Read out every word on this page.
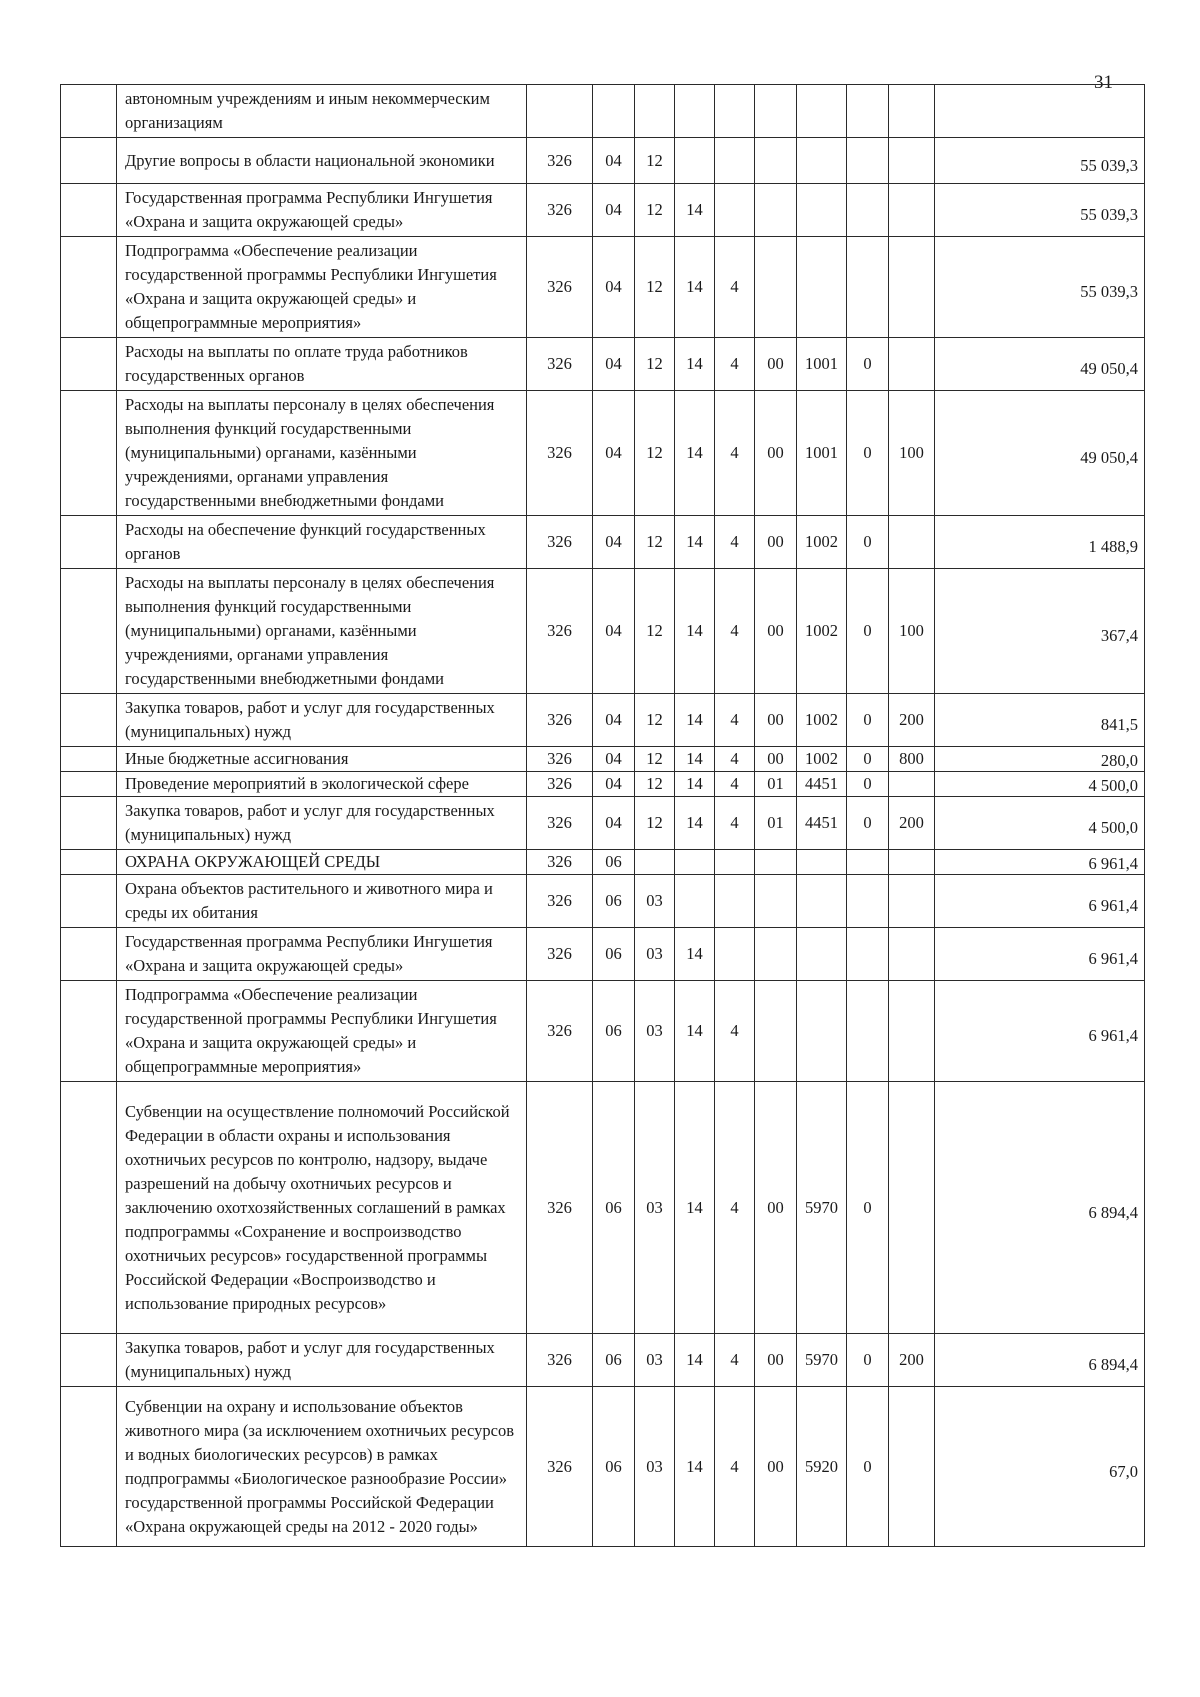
31
	автономным учреждениям и иным некоммерческим организациям										
	Другие вопросы в области национальной экономики	326	04	12							55 039,3
	Государственная программа Республики Ингушетия «Охрана и защита окружающей среды»	326	04	12	14						55 039,3
	Подпрограмма «Обеспечение реализации государственной программы Республики Ингушетия «Охрана и защита окружающей среды» и общепрограммные мероприятия»	326	04	12	14	4					55 039,3
	Расходы на выплаты по оплате труда работников государственных органов	326	04	12	14	4	00	1001	0		49 050,4
	Расходы на выплаты персоналу в целях обеспечения выполнения функций государственными (муниципальными) органами, казёнными учреждениями, органами управления государственными внебюджетными фондами	326	04	12	14	4	00	1001	0	100	49 050,4
	Расходы на обеспечение функций государственных органов	326	04	12	14	4	00	1002	0		1 488,9
	Расходы на выплаты персоналу в целях обеспечения выполнения функций государственными (муниципальными) органами, казёнными учреждениями, органами управления государственными внебюджетными фондами	326	04	12	14	4	00	1002	0	100	367,4
	Закупка товаров, работ и услуг для государственных (муниципальных) нужд	326	04	12	14	4	00	1002	0	200	841,5
	Иные бюджетные ассигнования	326	04	12	14	4	00	1002	0	800	280,0
	Проведение мероприятий в экологической сфере	326	04	12	14	4	01	4451	0		4 500,0
	Закупка товаров, работ и услуг для государственных (муниципальных) нужд	326	04	12	14	4	01	4451	0	200	4 500,0
	ОХРАНА ОКРУЖАЮЩЕЙ СРЕДЫ	326	06								6 961,4
	Охрана объектов растительного и животного мира и среды их обитания	326	06	03							6 961,4
	Государственная программа Республики Ингушетия «Охрана и защита окружающей среды»	326	06	03	14						6 961,4
	Подпрограмма «Обеспечение реализации государственной программы Республики Ингушетия «Охрана и защита окружающей среды» и общепрограммные мероприятия»	326	06	03	14	4					6 961,4
	Субвенции на осуществление полномочий Российской Федерации в области охраны и использования охотничьих ресурсов по контролю, надзору, выдаче разрешений на добычу охотничьих ресурсов и заключению охотхозяйственных соглашений в рамках подпрограммы «Сохранение и воспроизводство охотничьих ресурсов» государственной программы Российской Федерации «Воспроизводство и использование природных ресурсов»	326	06	03	14	4	00	5970	0		6 894,4
	Закупка товаров, работ и услуг для государственных (муниципальных) нужд	326	06	03	14	4	00	5970	0	200	6 894,4
	Субвенции на охрану и использование объектов животного мира (за исключением охотничьих ресурсов и водных биологических ресурсов) в рамках подпрограммы «Биологическое разнообразие России» государственной программы Российской Федерации «Охрана окружающей среды на 2012 - 2020 годы»	326	06	03	14	4	00	5920	0		67,0
